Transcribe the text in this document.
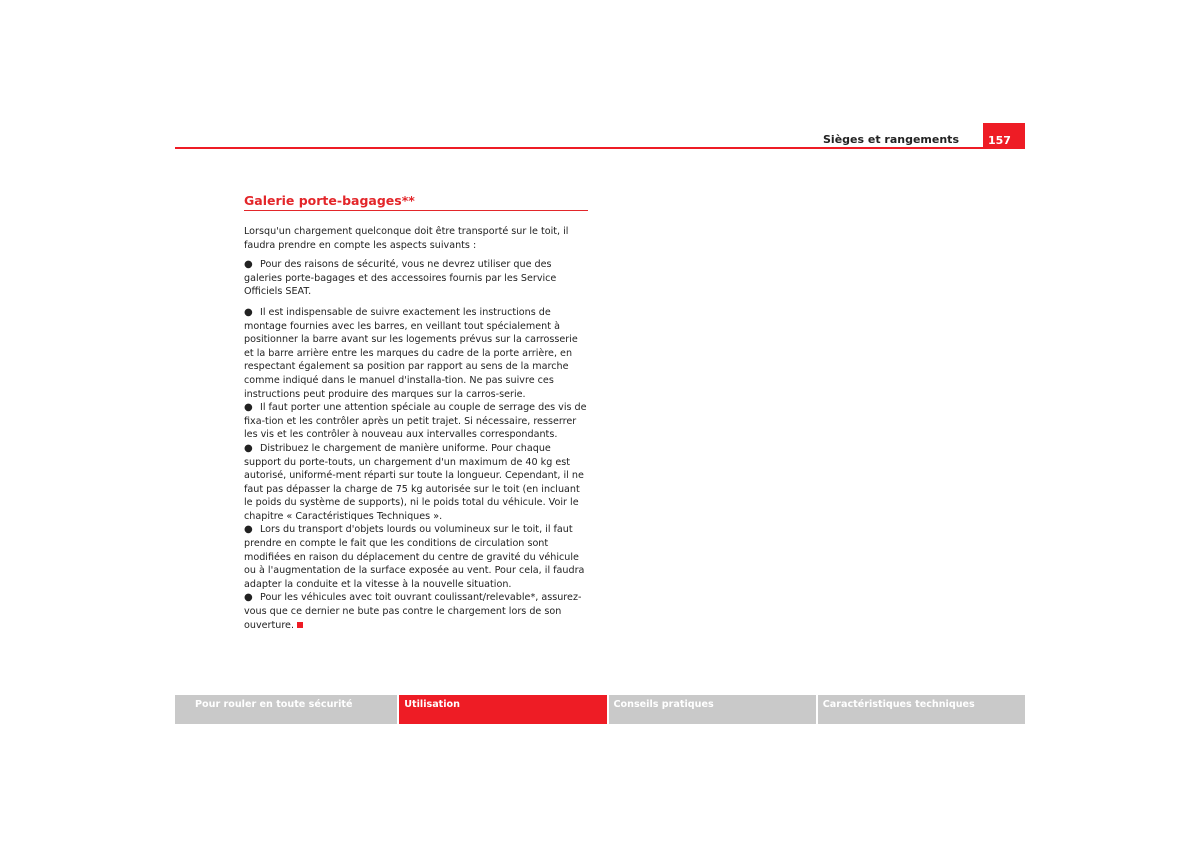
Sièges et rangements	157
Galerie porte-bagages**

Lorsqu'un chargement quelconque doit être transporté sur le toit, il faudra prendre en compte les aspects suivants :

● Pour des raisons de sécurité, vous ne devrez utiliser que des galeries porte-bagages et des accessoires fournis par les Service Officiels SEAT.

● Il est indispensable de suivre exactement les instructions de montage fournies avec les barres, en veillant tout spécialement à positionner la barre avant sur les logements prévus sur la carrosserie et la barre arrière entre les marques du cadre de la porte arrière, en respectant également sa position par rapport au sens de la marche comme indiqué dans le manuel d'installa-tion. Ne pas suivre ces instructions peut produire des marques sur la carros-serie.

● Il faut porter une attention spéciale au couple de serrage des vis de fixa-tion et les contrôler après un petit trajet. Si nécessaire, resserrer les vis et les contrôler à nouveau aux intervalles correspondants.

● Distribuez le chargement de manière uniforme. Pour chaque support du porte-touts, un chargement d'un maximum de 40 kg est autorisé, uniformé-ment réparti sur toute la longueur. Cependant, il ne faut pas dépasser la charge de 75 kg autorisée sur le toit (en incluant le poids du système de supports), ni le poids total du véhicule. Voir le chapitre « Caractéristiques Techniques ».

● Lors du transport d'objets lourds ou volumineux sur le toit, il faut prendre en compte le fait que les conditions de circulation sont modifiées en raison du déplacement du centre de gravité du véhicule ou à l'augmentation de la surface exposée au vent. Pour cela, il faudra adapter la conduite et la vitesse à la nouvelle situation.

● Pour les véhicules avec toit ouvrant coulissant/relevable*, assurez-vous que ce dernier ne bute pas contre le chargement lors de son ouverture.

Pour rouler en toute sécurité	Utilisation	Conseils pratiques	Caractéristiques techniques
